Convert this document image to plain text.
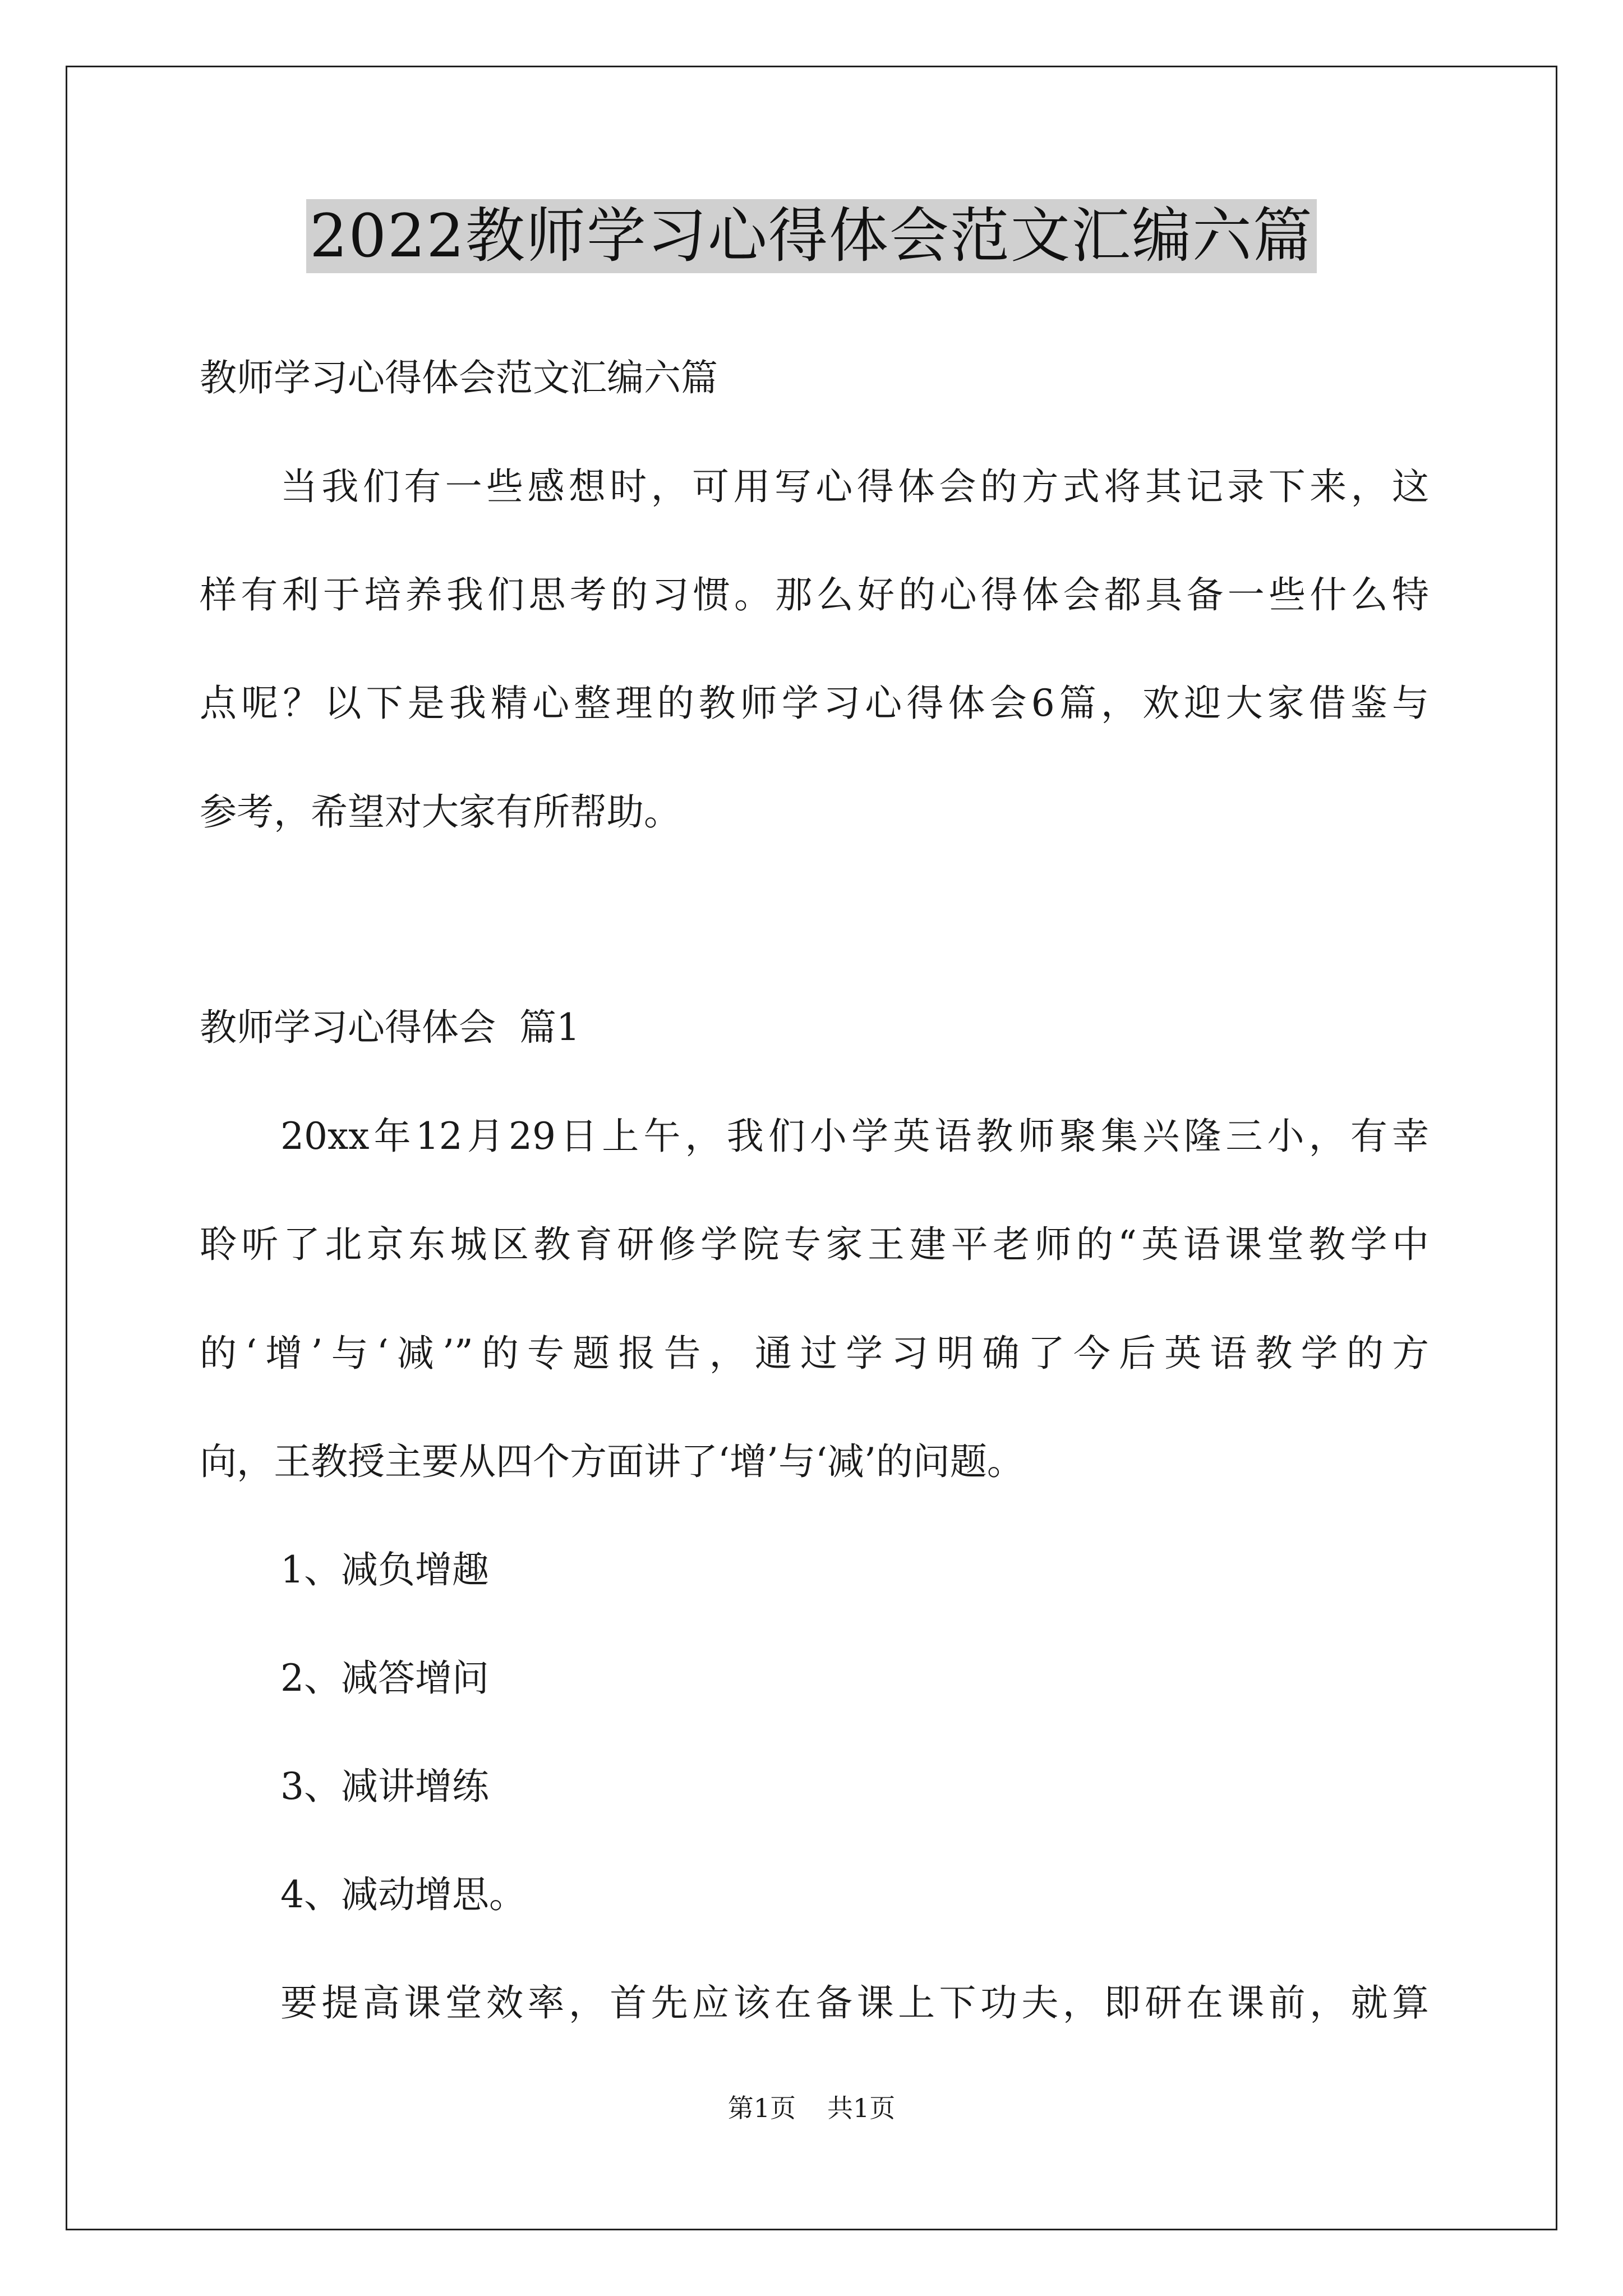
2022教师学习心得体会范文汇编六篇
教师学习心得体会范文汇编六篇
当我们有一些感想时，可用写心得体会的方式将其记录下来，这
样有利于培养我们思考的习惯。那么好的心得体会都具备一些什么特
点呢？以下是我精心整理的教师学习心得体会6篇，欢迎大家借鉴与
参考，希望对大家有所帮助。
教师学习心得体会  篇1
20xx年12月29日上午，我们小学英语教师聚集兴隆三小，有幸
聆听了北京东城区教育研修学院专家王建平老师的“英语课堂教学中
的‘增’与‘减’”的专题报告，通过学习明确了今后英语教学的方
向，王教授主要从四个方面讲了‘增’与‘减’的问题。
1、减负增趣
2、减答增问
3、减讲增练
4、减动增思。
要提高课堂效率，首先应该在备课上下功夫，即研在课前，就算
第1页 共1页
